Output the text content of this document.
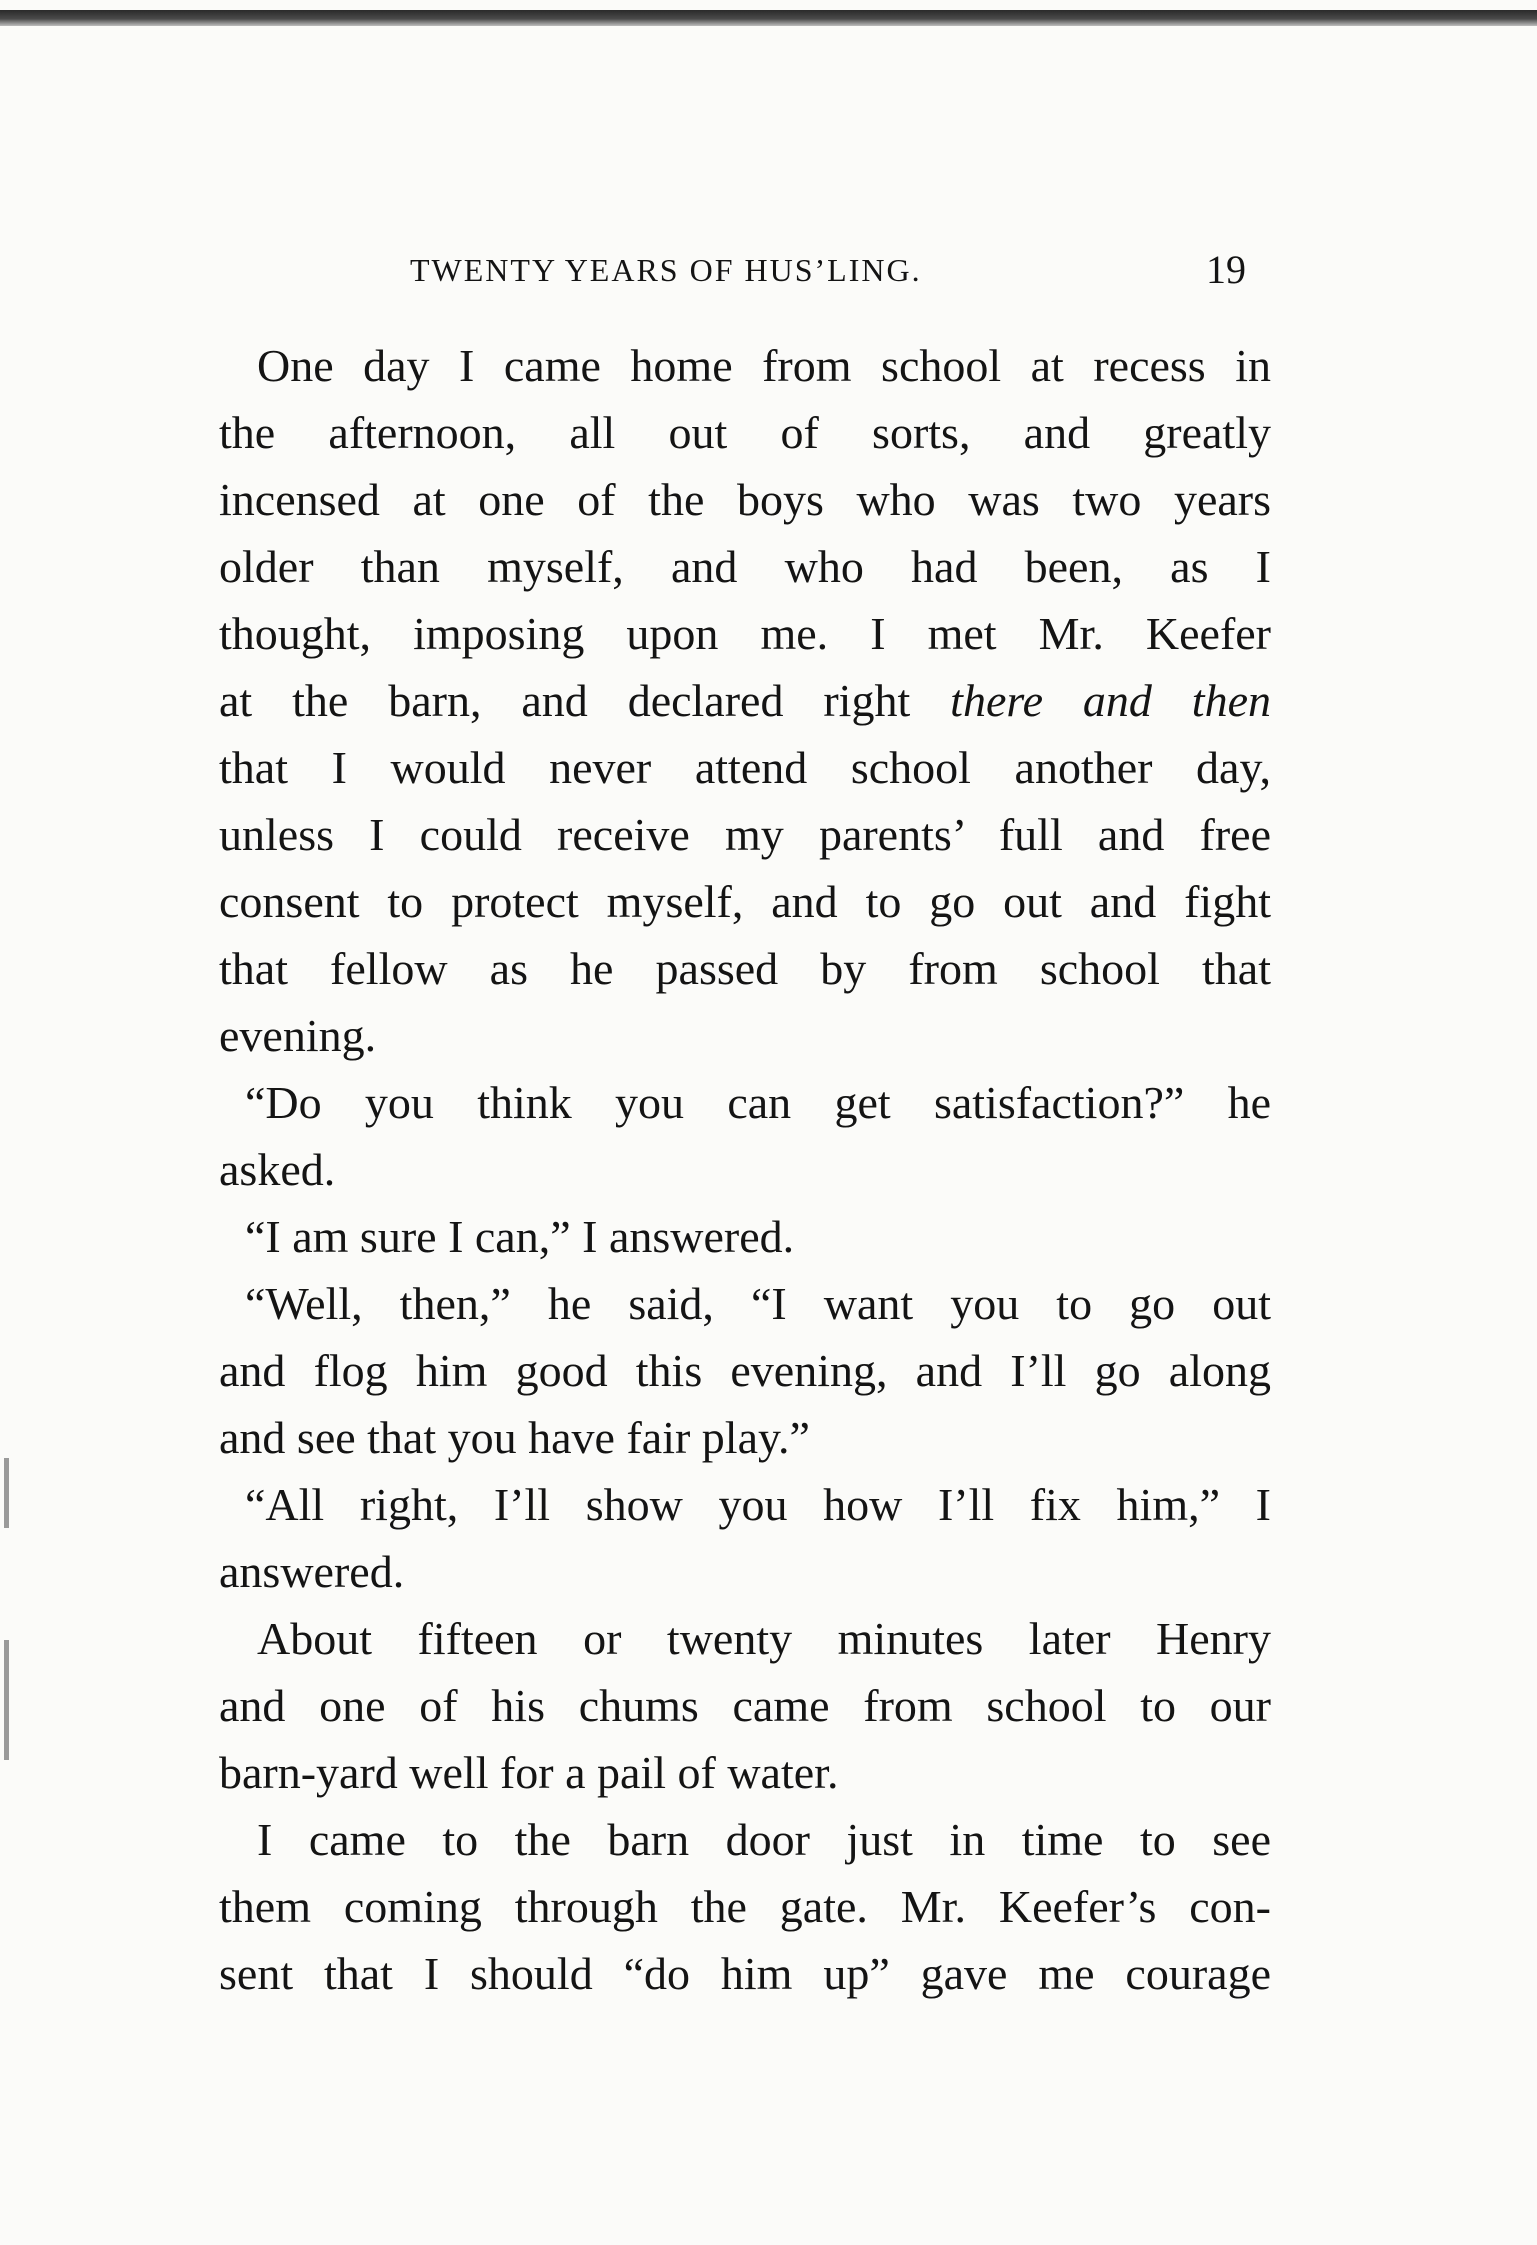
TWENTY YEARS OF HUS’LING.	19
One day I came home from school at recess in
the afternoon, all out of sorts, and greatly
incensed at one of the boys who was two years
older than myself, and who had been, as I
thought, imposing upon me. I met Mr. Keefer
at the barn, and declared right there and then
that I would never attend school another day,
unless I could receive my parents’ full and free
consent to protect myself, and to go out and fight
that fellow as he passed by from school that
evening.
“Do you think you can get satisfaction?” he
asked.
“I am sure I can,” I answered.
“Well, then,” he said, “I want you to go out
and flog him good this evening, and I’ll go along
and see that you have fair play.”
“All right, I’ll show you how I’ll fix him,” I
answered.
About fifteen or twenty minutes later Henry
and one of his chums came from school to our
barn-yard well for a pail of water.
I came to the barn door just in time to see
them coming through the gate. Mr. Keefer’s con-
sent that I should “do him up” gave me courage
